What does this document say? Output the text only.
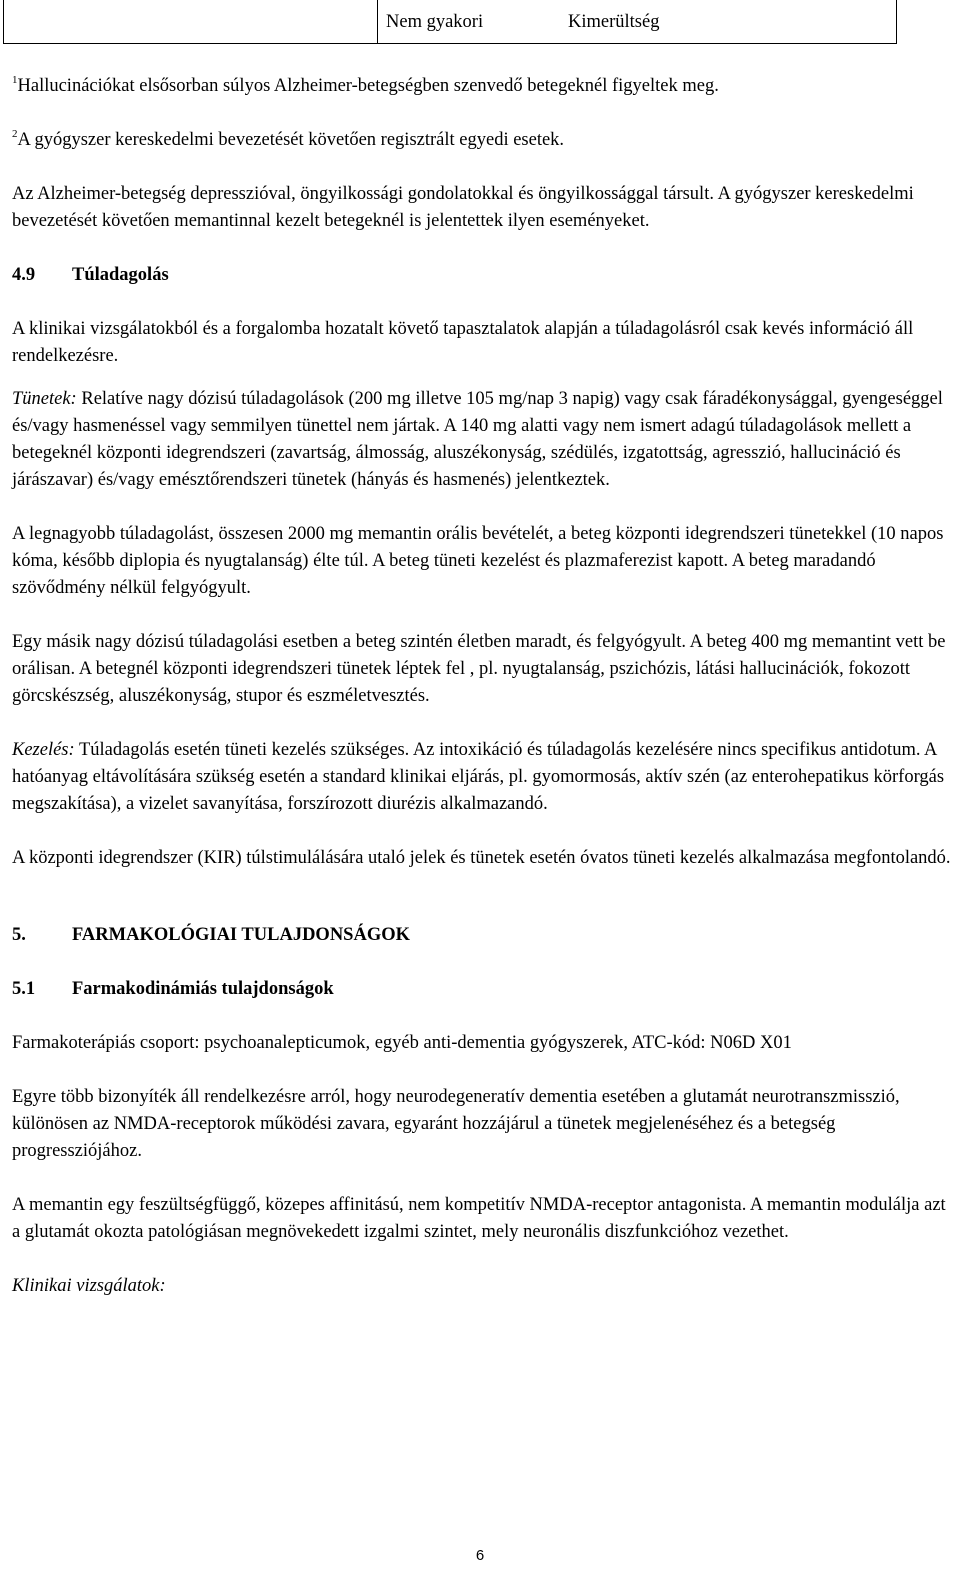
Nem gyakori	Kimerültség

$^1$Hallucinációkat elsősorban súlyos Alzheimer-betegségben szenvedő betegeknél figyeltek meg.

$^2$A gyógyszer kereskedelmi bevezetését követően regisztrált egyedi esetek.

Az Alzheimer-betegség depresszióval, öngyilkossági gondolatokkal és öngyilkossággal társult. A gyógyszer kereskedelmi bevezetését követően memantinnal kezelt betegeknél is jelentettek ilyen eseményeket.

4.9 Túladagolás

A klinikai vizsgálatokból és a forgalomba hozatalt követő tapasztalatok alapján a túladagolásról csak kevés információ áll rendelkezésre.

Tünetek: Relatíve nagy dózisú túladagolások (200 mg illetve 105 mg/nap 3 napig) vagy csak fáradékonysággal, gyengeséggel és/vagy hasmenéssel vagy semmilyen tünettel nem jártak. A 140 mg alatti vagy nem ismert adagú túladagolások mellett a betegeknél központi idegrendszeri (zavartság, álmosság, aluszékonyság, szédülés, izgatottság, agresszió, hallucináció és járászavar) és/vagy emésztőrendszeri tünetek (hányás és hasmenés) jelentkeztek.

A legnagyobb túladagolást, összesen 2000 mg memantin orális bevételét, a beteg központi idegrendszeri tünetekkel (10 napos kóma, később diplopia és nyugtalanság) élte túl. A beteg tüneti kezelést és plazmaferezist kapott. A beteg maradandó szövődmény nélkül felgyógyult.

Egy másik nagy dózisú túladagolási esetben a beteg szintén életben maradt, és felgyógyult. A beteg 400 mg memantint vett be orálisan. A betegnél központi idegrendszeri tünetek léptek fel , pl. nyugtalanság, pszichózis, látási hallucinációk, fokozott görcskészség, aluszékonyság, stupor és eszméletvesztés.

Kezelés: Túladagolás esetén tüneti kezelés szükséges. Az intoxikáció és túladagolás kezelésére nincs specifikus antidotum. A hatóanyag eltávolítására szükség esetén a standard klinikai eljárás, pl. gyomormosás, aktív szén (az enterohepatikus körforgás megszakítása), a vizelet savanyítása, forszírozott diurézis alkalmazandó.

A központi idegrendszer (KIR) túlstimulálására utaló jelek és tünetek esetén óvatos tüneti kezelés alkalmazása megfontolandó.

5. FARMAKOLÓGIAI TULAJDONSÁGOK

5.1 Farmakodinámiás tulajdonságok

Farmakoterápiás csoport: psychoanalepticumok, egyéb anti-dementia gyógyszerek, ATC-kód: N06D X01

Egyre több bizonyíték áll rendelkezésre arról, hogy neurodegeneratív dementia esetében a glutamát neurotranszmisszió, különösen az NMDA-receptorok működési zavara, egyaránt hozzájárul a tünetek megjelenéséhez és a betegség progressziójához.

A memantin egy feszültségfüggő, közepes affinitású, nem kompetitív NMDA-receptor antagonista. A memantin modulálja azt a glutamát okozta patológiásan megnövekedett izgalmi szintet, mely neuronális diszfunkcióhoz vezethet.

Klinikai vizsgálatok:

6
